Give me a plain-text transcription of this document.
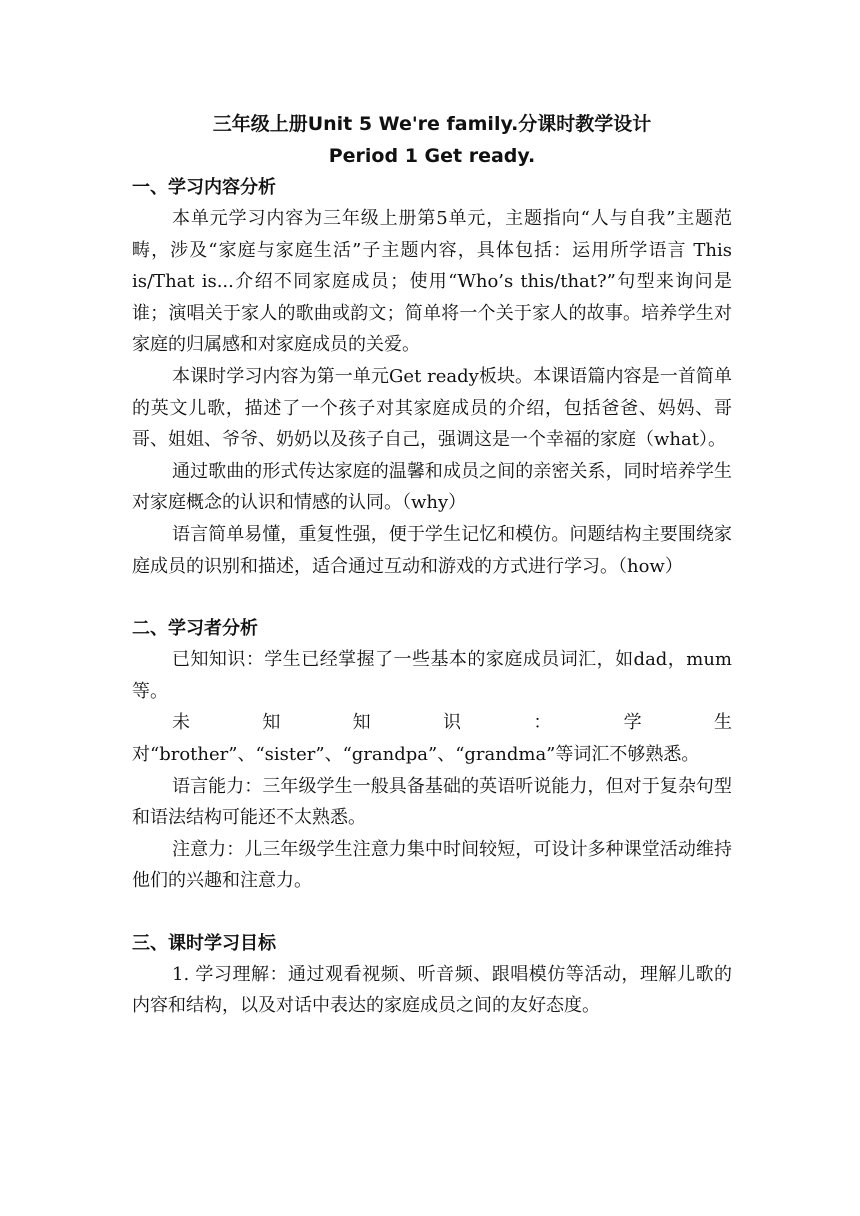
三年级上册Unit 5 We're family.分课时教学设计
Period 1 Get ready.
一、学习内容分析

本单元学习内容为三年级上册第5单元，主题指向“人与自我”主题范畴，涉及“家庭与家庭生活”子主题内容，具体包括：运用所学语言 This is/That is...介绍不同家庭成员；使用“Who’s this/that?”句型来询问是谁；演唱关于家人的歌曲或韵文；简单将一个关于家人的故事。培养学生对家庭的归属感和对家庭成员的关爱。

本课时学习内容为第一单元Get ready板块。本课语篇内容是一首简单的英文儿歌，描述了一个孩子对其家庭成员的介绍，包括爸爸、妈妈、哥哥、姐姐、爷爷、奶奶以及孩子自己，强调这是一个幸福的家庭（what）。

通过歌曲的形式传达家庭的温馨和成员之间的亲密关系，同时培养学生对家庭概念的认识和情感的认同。（why）

语言简单易懂，重复性强，便于学生记忆和模仿。问题结构主要围绕家庭成员的识别和描述，适合通过互动和游戏的方式进行学习。（how）

二、学习者分析

已知知识：学生已经掌握了一些基本的家庭成员词汇，如dad，mum等。

未知知识：学生对“brother”、“sister”、“grandpa”、“grandma”等词汇不够熟悉。

语言能力：三年级学生一般具备基础的英语听说能力，但对于复杂句型和语法结构可能还不太熟悉。

注意力：儿三年级学生注意力集中时间较短，可设计多种课堂活动维持他们的兴趣和注意力。

三、课时学习目标

1. 学习理解：通过观看视频、听音频、跟唱模仿等活动，理解儿歌的内容和结构，以及对话中表达的家庭成员之间的友好态度。
